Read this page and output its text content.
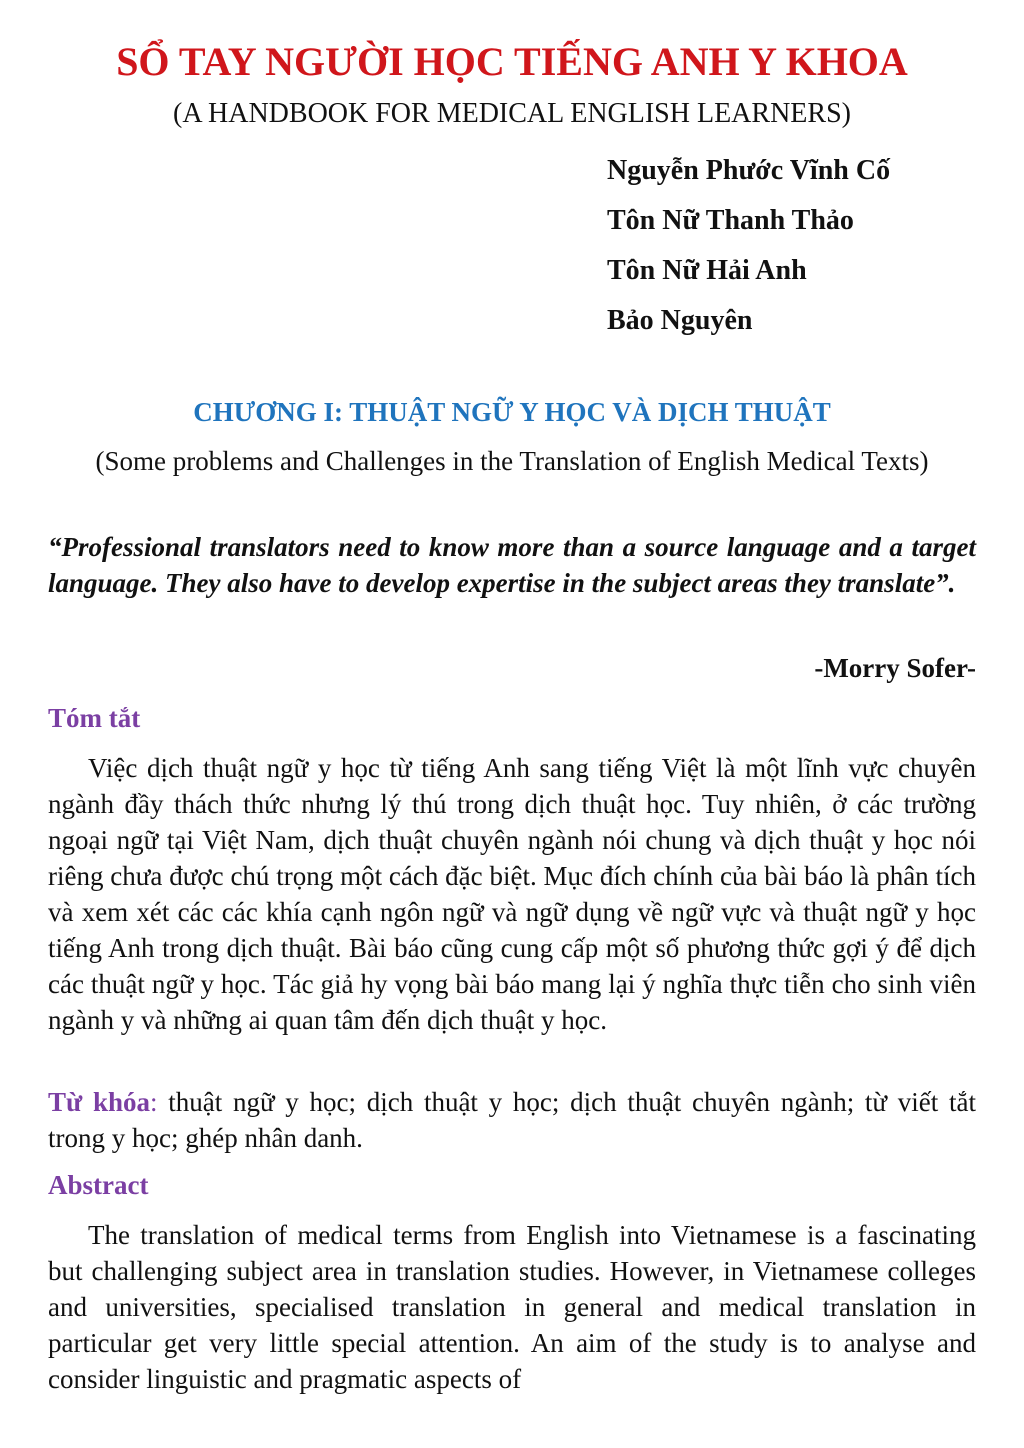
SỔ TAY NGƯỜI HỌC TIẾNG ANH Y KHOA
(A HANDBOOK FOR MEDICAL ENGLISH LEARNERS)
Nguyễn Phước Vĩnh Cố
Tôn Nữ Thanh Thảo
Tôn Nữ Hải Anh
Bảo Nguyên
CHƯƠNG I: THUẬT NGỮ Y HỌC VÀ DỊCH THUẬT
(Some problems and Challenges in the Translation of English Medical Texts)
“Professional translators need to know more than a source language and a target language. They also have to develop expertise in the subject areas they translate”.
-Morry Sofer-
Tóm tắt
Việc dịch thuật ngữ y học từ tiếng Anh sang tiếng Việt là một lĩnh vực chuyên ngành đầy thách thức nhưng lý thú trong dịch thuật học. Tuy nhiên, ở các trường ngoại ngữ tại Việt Nam, dịch thuật chuyên ngành nói chung và dịch thuật y học nói riêng chưa được chú trọng một cách đặc biệt. Mục đích chính của bài báo là phân tích và xem xét các các khía cạnh ngôn ngữ và ngữ dụng về ngữ vực và thuật ngữ y học tiếng Anh trong dịch thuật. Bài báo cũng cung cấp một số phương thức gợi ý để dịch các thuật ngữ y học. Tác giả hy vọng bài báo mang lại ý nghĩa thực tiễn cho sinh viên ngành y và những ai quan tâm đến dịch thuật y học.
Từ khóa: thuật ngữ y học; dịch thuật y học; dịch thuật chuyên ngành; từ viết tắt trong y học; ghép nhân danh.
Abstract
The translation of medical terms from English into Vietnamese is a fascinating but challenging subject area in translation studies. However, in Vietnamese colleges and universities, specialised translation in general and medical translation in particular get very little special attention. An aim of the study is to analyse and consider linguistic and pragmatic aspects of
